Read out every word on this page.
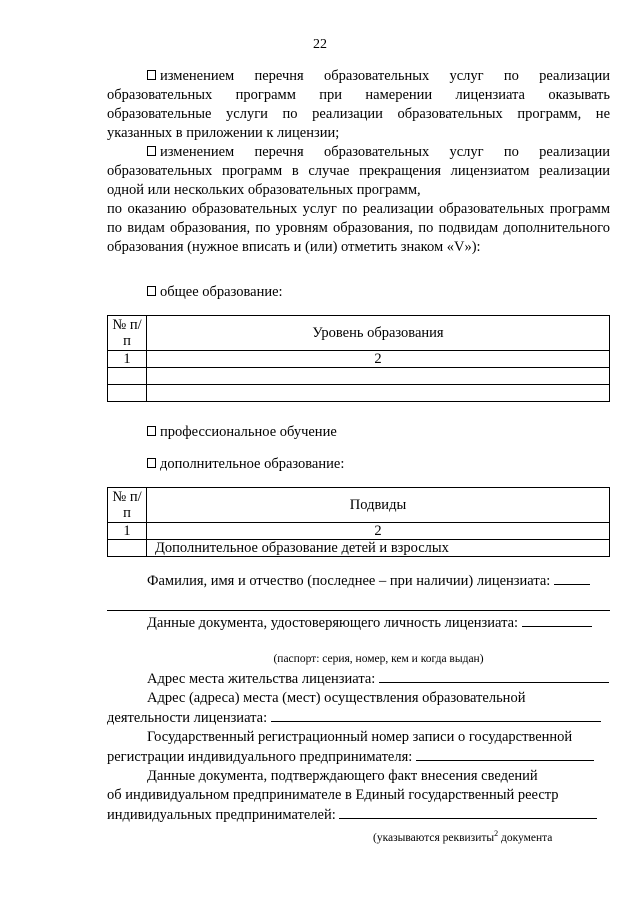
22
изменением перечня образовательных услуг по реализации образовательных программ при намерении лицензиата оказывать образовательные услуги по реализации образовательных программ, не указанных в приложении к лицензии;
изменением перечня образовательных услуг по реализации образовательных программ в случае прекращения лицензиатом реализации одной или нескольких образовательных программ,
по оказанию образовательных услуг по реализации образовательных программ по видам образования, по уровням образования, по подвидам дополнительного образования (нужное вписать и (или) отметить знаком «V»):
общее образование:
№ п/п	Уровень образования
1	2

профессиональное обучение
дополнительное образование:
№ п/п	Подвиды
1	2
	Дополнительное образование детей и взрослых
Фамилия, имя и отчество (последнее – при наличии) лицензиата:
Данные документа, удостоверяющего личность лицензиата:
(паспорт: серия, номер, кем и когда выдан)
Адрес места жительства лицензиата:
Адрес (адреса) места (мест) осуществления образовательной
деятельности лицензиата:
Государственный регистрационный номер записи о государственной
регистрации индивидуального предпринимателя:
Данные документа, подтверждающего факт внесения сведений
об индивидуальном предпринимателе в Единый государственный реестр
индивидуальных предпринимателей:
(указываются реквизиты$^2$ документа
